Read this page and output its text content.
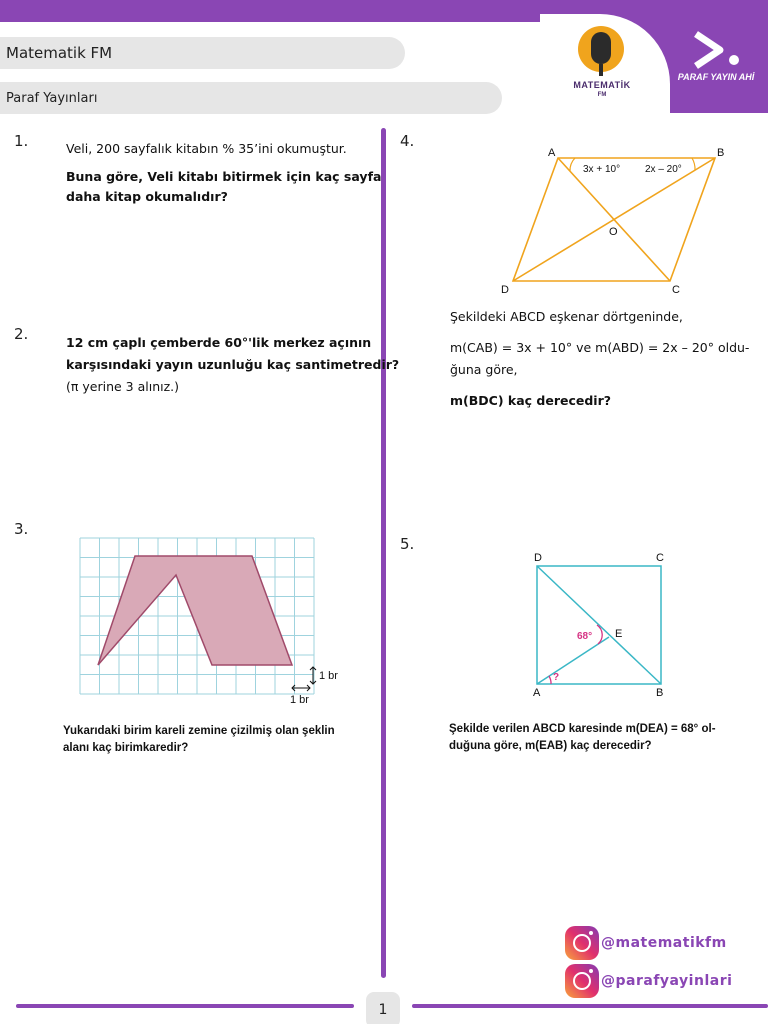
MATEMATİK
FM
PARAF YAYIN AHİ
Matematik FM
Paraf Yayınları
1.	Veli, 200 sayfalık kitabın % 35’ini okumuştur.
Buna göre, Veli kitabı bitirmek için kaç sayfa
daha kitap okumalıdır?
2.	12 cm çaplı çemberde 60°'lik merkez açının
karşısındaki yayın uzunluğu kaç santimetredir?
(π yerine 3 alınız.)
3.
1 br
1 br
Yukarıdaki birim kareli zemine çizilmiş olan şeklin
alanı kaç birimkaredir?
4.
A	B
C
D
O
3x + 10° 2x – 20°
Şekildeki ABCD eşkenar dörtgeninde,
m(CAB) = 3x + 10° ve m(ABD) = 2x – 20° oldu-
ğuna göre,
m(BDC) kaç derecedir?
5.
D	C
E
A	B
68°
?
Şekilde verilen ABCD karesinde m(DEA) = 68° ol-
duğuna göre, m(EAB) kaç derecedir?
@matematikfm
@parafyayinlari
1
